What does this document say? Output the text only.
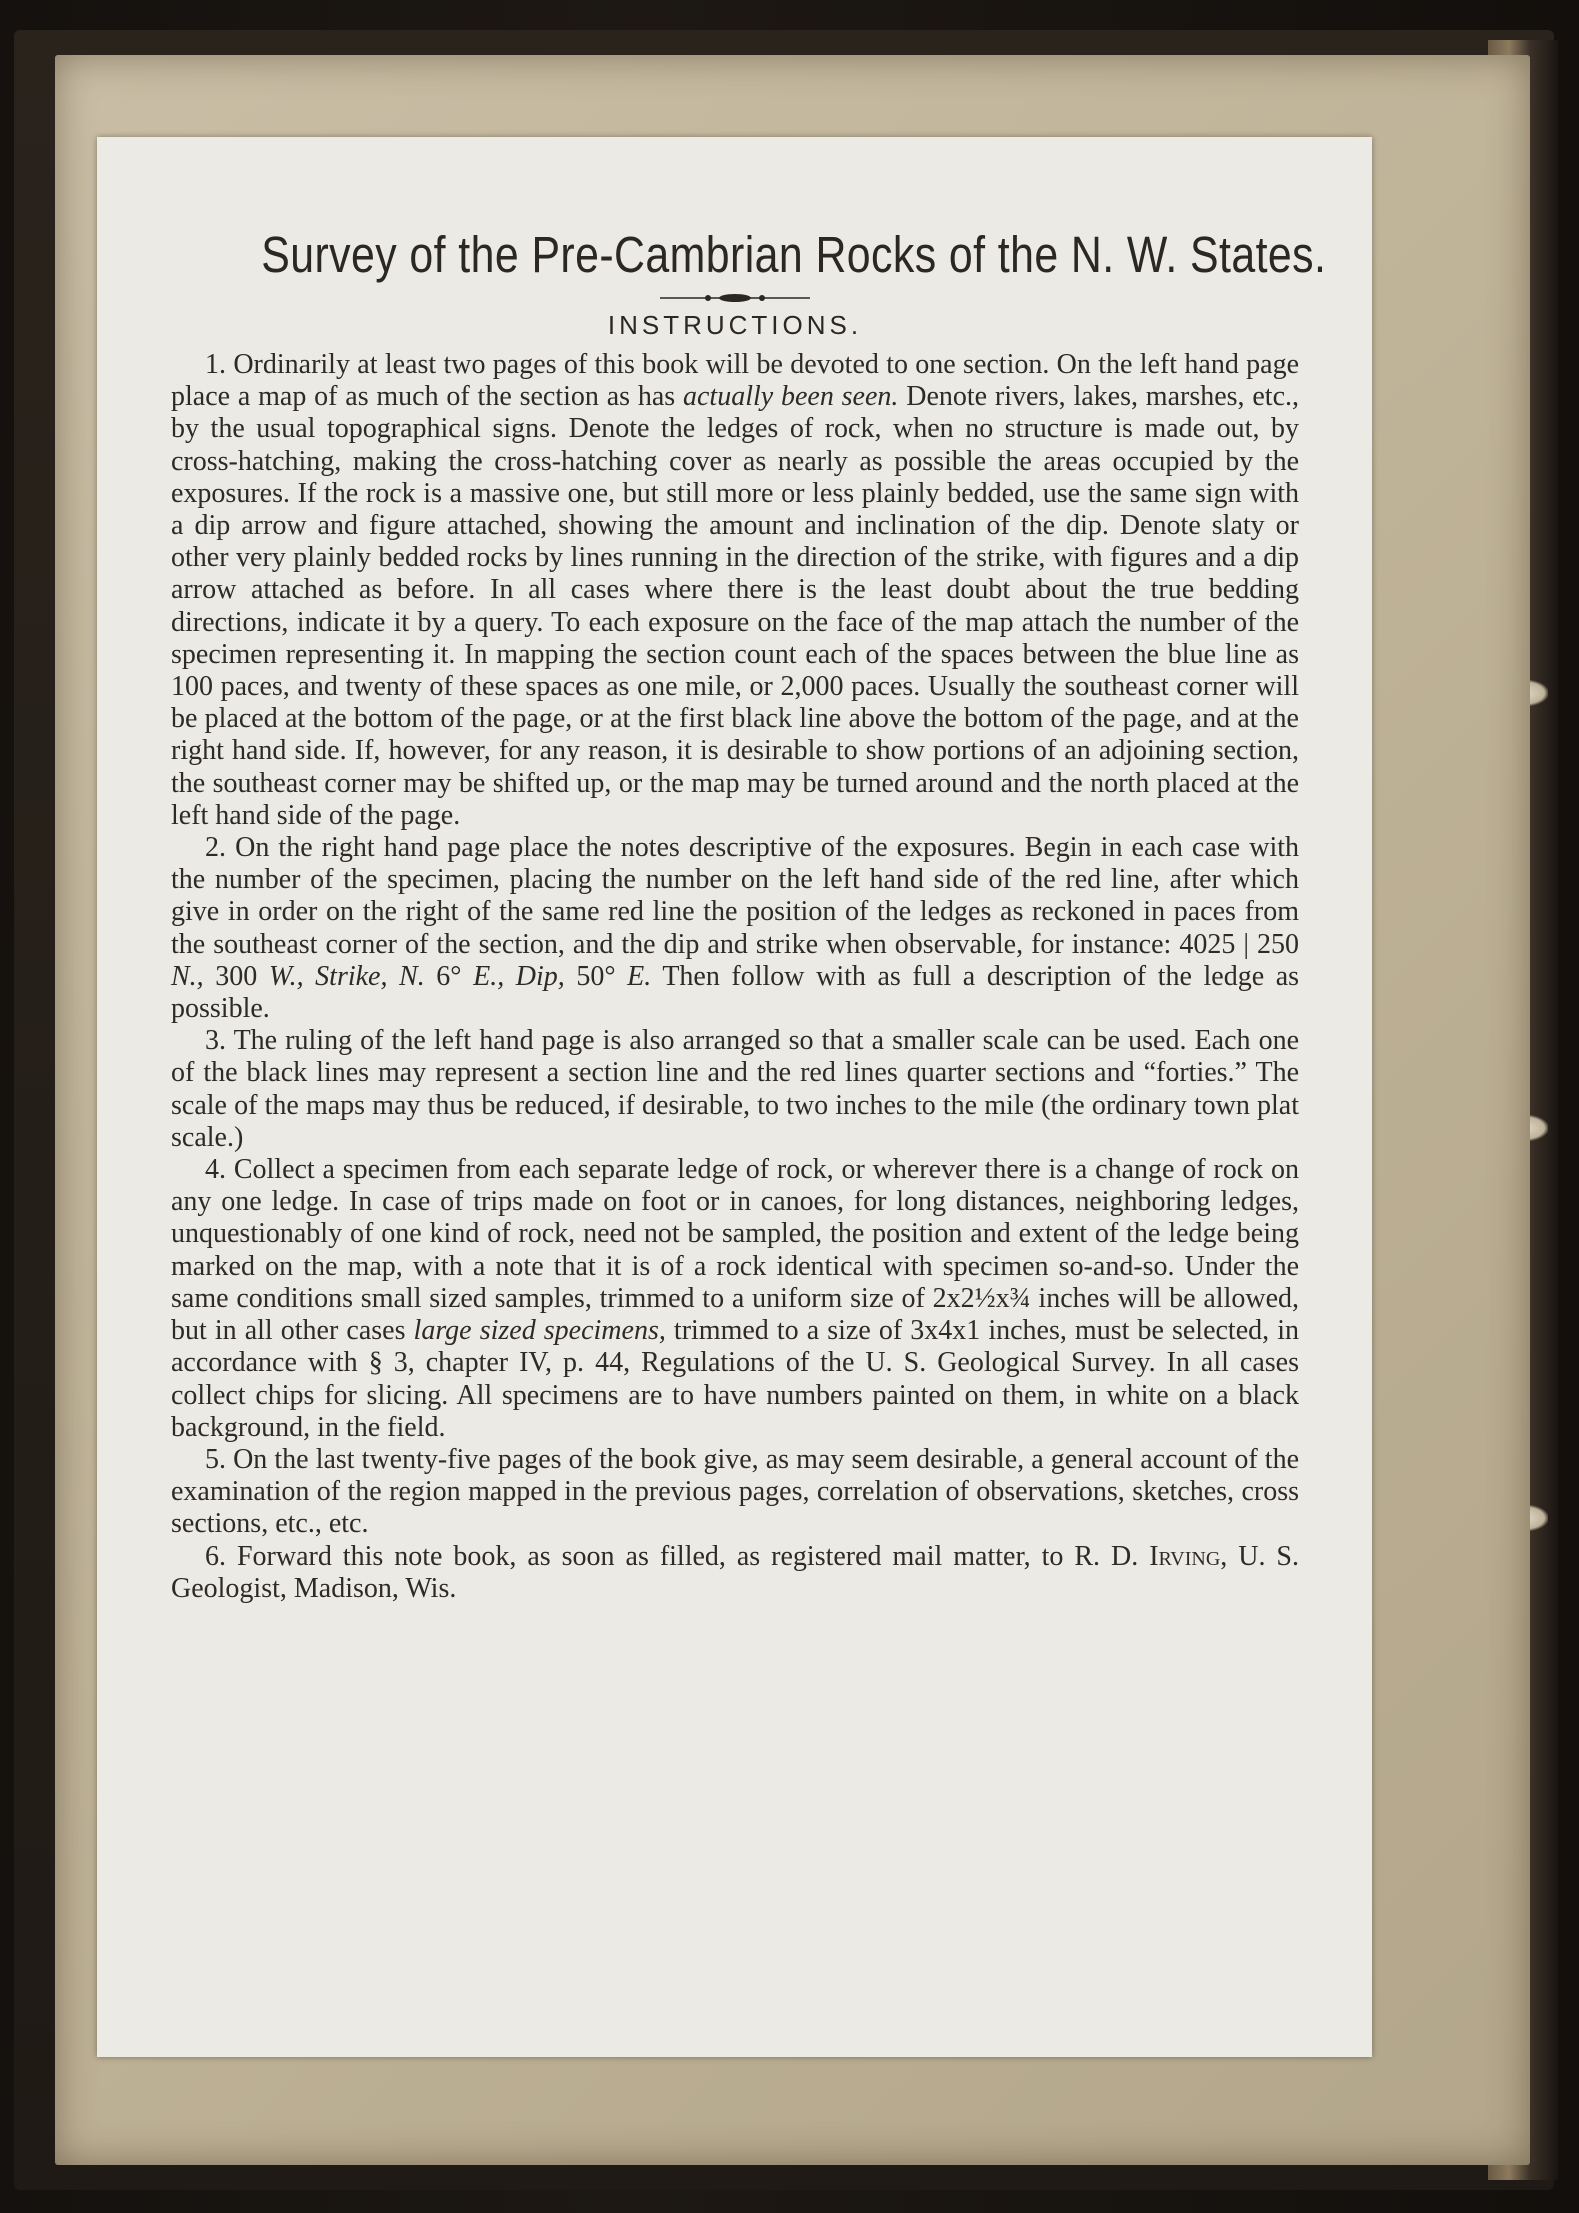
Survey of the Pre-Cambrian Rocks of the N. W. States.
INSTRUCTIONS.

1. Ordinarily at least two pages of this book will be devoted to one section. On the left hand page place a map of as much of the section as has actually been seen. Denote rivers, lakes, marshes, etc., by the usual topographical signs. Denote the ledges of rock, when no structure is made out, by cross-hatching, making the cross-hatching cover as nearly as possible the areas occupied by the exposures. If the rock is a massive one, but still more or less plainly bedded, use the same sign with a dip arrow and figure attached, showing the amount and inclination of the dip. Denote slaty or other very plainly bedded rocks by lines running in the direction of the strike, with figures and a dip arrow attached as before. In all cases where there is the least doubt about the true bedding directions, indicate it by a query. To each exposure on the face of the map attach the number of the specimen representing it. In mapping the section count each of the spaces between the blue line as 100 paces, and twenty of these spaces as one mile, or 2,000 paces. Usually the southeast corner will be placed at the bottom of the page, or at the first black line above the bottom of the page, and at the right hand side. If, however, for any reason, it is desirable to show portions of an adjoining section, the southeast corner may be shifted up, or the map may be turned around and the north placed at the left hand side of the page.

2. On the right hand page place the notes descriptive of the exposures. Begin in each case with the number of the specimen, placing the number on the left hand side of the red line, after which give in order on the right of the same red line the position of the ledges as reckoned in paces from the southeast corner of the section, and the dip and strike when observable, for instance: 4025 | 250 N., 300 W., Strike, N. 6° E., Dip, 50° E. Then follow with as full a description of the ledge as possible.

3. The ruling of the left hand page is also arranged so that a smaller scale can be used. Each one of the black lines may represent a section line and the red lines quarter sections and “forties.” The scale of the maps may thus be reduced, if desirable, to two inches to the mile (the ordinary town plat scale.)

4. Collect a specimen from each separate ledge of rock, or wherever there is a change of rock on any one ledge. In case of trips made on foot or in canoes, for long distances, neighboring ledges, unquestionably of one kind of rock, need not be sampled, the position and extent of the ledge being marked on the map, with a note that it is of a rock identical with specimen so-and-so. Under the same conditions small sized samples, trimmed to a uniform size of 2x2½x¾ inches will be allowed, but in all other cases large sized specimens, trimmed to a size of 3x4x1 inches, must be selected, in accordance with § 3, chapter IV, p. 44, Regulations of the U. S. Geological Survey. In all cases collect chips for slicing. All specimens are to have numbers painted on them, in white on a black background, in the field.

5. On the last twenty-five pages of the book give, as may seem desirable, a general account of the examination of the region mapped in the previous pages, correlation of observations, sketches, cross sections, etc., etc.

6. Forward this note book, as soon as filled, as registered mail matter, to R. D. Irving, U. S. Geologist, Madison, Wis.
